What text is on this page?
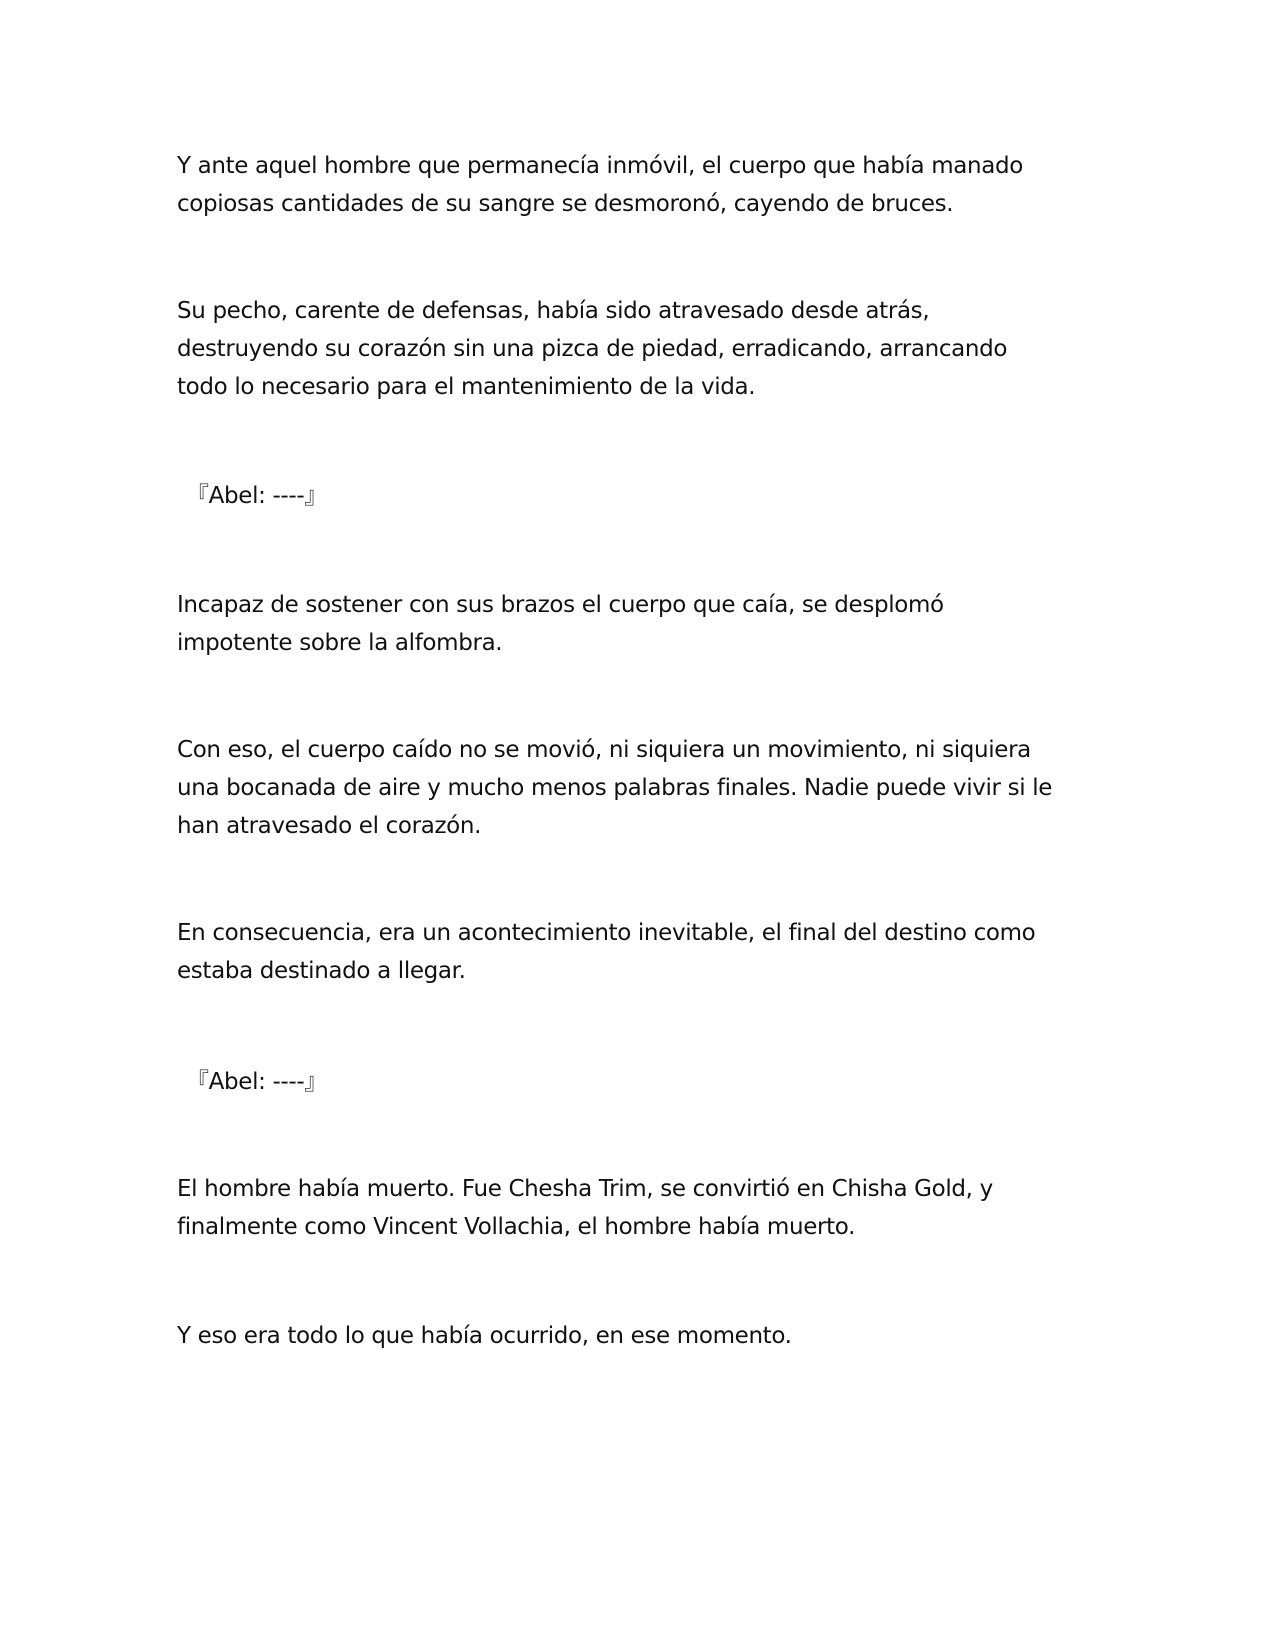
Y ante aquel hombre que permanecía inmóvil, el cuerpo que había manado
copiosas cantidades de su sangre se desmoronó, cayendo de bruces.

Su pecho, carente de defensas, había sido atravesado desde atrás,
destruyendo su corazón sin una pizca de piedad, erradicando, arrancando
todo lo necesario para el mantenimiento de la vida.

『Abel: ----』

Incapaz de sostener con sus brazos el cuerpo que caía, se desplomó
impotente sobre la alfombra.

Con eso, el cuerpo caído no se movió, ni siquiera un movimiento, ni siquiera
una bocanada de aire y mucho menos palabras finales. Nadie puede vivir si le
han atravesado el corazón.

En consecuencia, era un acontecimiento inevitable, el final del destino como
estaba destinado a llegar.

『Abel: ----』

El hombre había muerto. Fue Chesha Trim, se convirtió en Chisha Gold, y
finalmente como Vincent Vollachia, el hombre había muerto.

Y eso era todo lo que había ocurrido, en ese momento.
